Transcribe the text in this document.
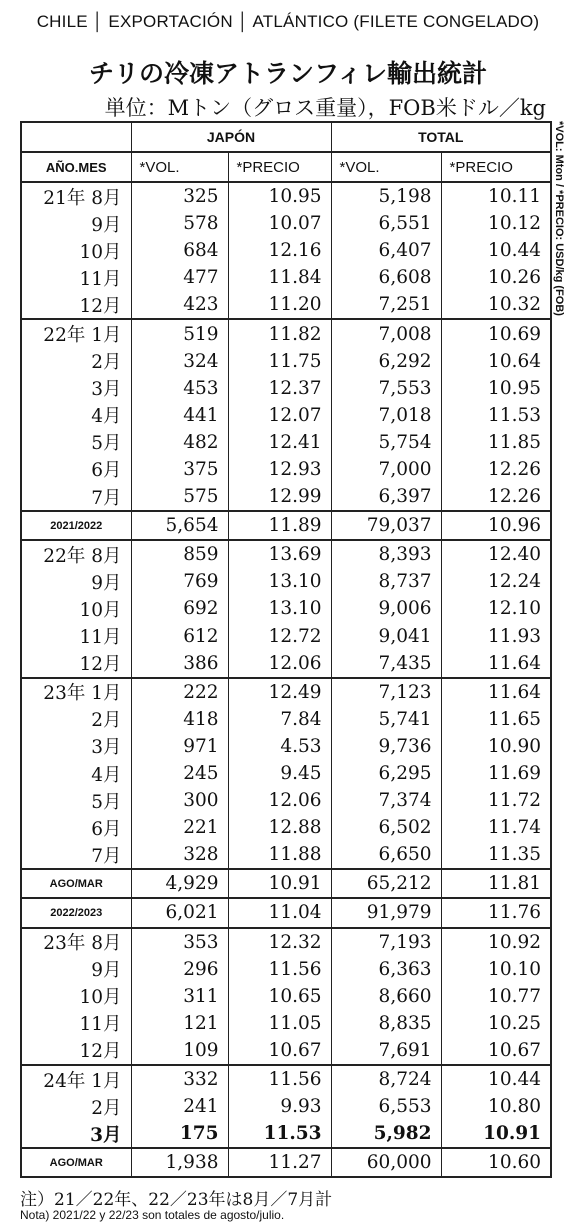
CHILE │ EXPORTACIÓN │ ATLÁNTICO (FILETE CONGELADO)
チリの冷凍アトランフィレ輸出統計
単位：Mトン（グロス重量），FOB米ドル／kg
*VOL: Mton / *PRECIO: USD/kg (FOB)
	JAPÓN		TOTAL	
AÑO.MES	*VOL.	*PRECIO	*VOL.	*PRECIO
21年 8月	325	10.95	5,198	10.11
9月	578	10.07	6,551	10.12
10月	684	12.16	6,407	10.44
11月	477	11.84	6,608	10.26
12月	423	11.20	7,251	10.32
22年 1月	519	11.82	7,008	10.69
2月	324	11.75	6,292	10.64
3月	453	12.37	7,553	10.95
4月	441	12.07	7,018	11.53
5月	482	12.41	5,754	11.85
6月	375	12.93	7,000	12.26
7月	575	12.99	6,397	12.26
2021/2022	5,654	11.89	79,037	10.96
22年 8月	859	13.69	8,393	12.40
9月	769	13.10	8,737	12.24
10月	692	13.10	9,006	12.10
11月	612	12.72	9,041	11.93
12月	386	12.06	7,435	11.64
23年 1月	222	12.49	7,123	11.64
2月	418	7.84	5,741	11.65
3月	971	4.53	9,736	10.90
4月	245	9.45	6,295	11.69
5月	300	12.06	7,374	11.72
6月	221	12.88	6,502	11.74
7月	328	11.88	6,650	11.35
AGO/MAR	4,929	10.91	65,212	11.81
2022/2023	6,021	11.04	91,979	11.76
23年 8月	353	12.32	7,193	10.92
9月	296	11.56	6,363	10.10
10月	311	10.65	8,660	10.77
11月	121	11.05	8,835	10.25
12月	109	10.67	7,691	10.67
24年 1月	332	11.56	8,724	10.44
2月	241	9.93	6,553	10.80
3月	175	11.53	5,982	10.91
AGO/MAR	1,938	11.27	60,000	10.60
注）21／22年、22／23年は8月／7月計
Nota) 2021/22 y 22/23 son totales de agosto/julio.
